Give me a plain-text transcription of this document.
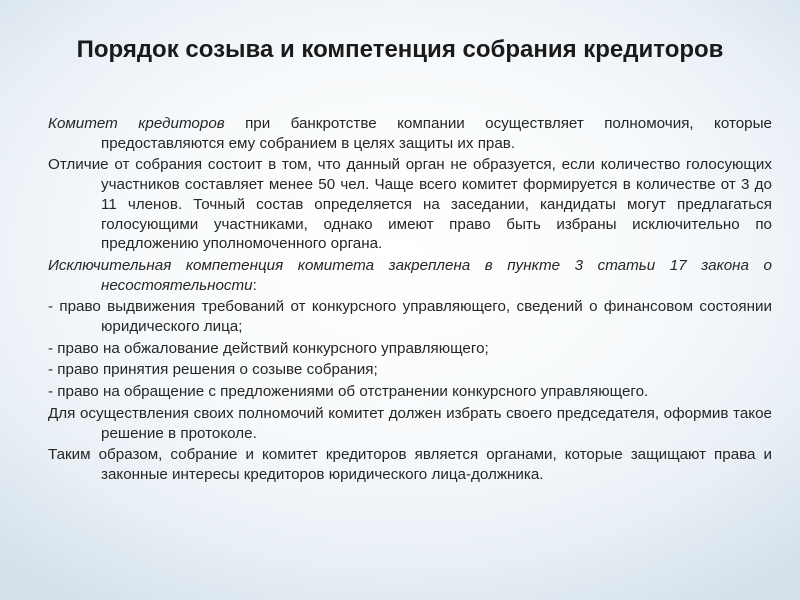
Порядок созыва и компетенция собрания кредиторов

Комитет кредиторов при банкротстве компании осуществляет полномочия, которые предоставляются ему собранием в целях защиты их прав.

Отличие от собрания состоит в том, что данный орган не образуется, если количество голосующих участников составляет менее 50 чел. Чаще всего комитет формируется в количестве от 3 до 11 членов. Точный состав определяется на заседании, кандидаты могут предлагаться голосующими участниками, однако имеют право быть избраны исключительно по предложению уполномоченного органа.

Исключительная компетенция комитета закреплена в пункте 3 статьи 17 закона о несостоятельности:

- право выдвижения требований от конкурсного управляющего, сведений о финансовом состоянии юридического лица;

- право на обжалование действий конкурсного управляющего;

- право принятия решения о созыве собрания;

- право на обращение с предложениями об отстранении конкурсного управляющего.

Для осуществления своих полномочий комитет должен избрать своего председателя, оформив такое решение в протоколе.

Таким образом, собрание и комитет кредиторов является органами, которые защищают права и законные интересы кредиторов юридического лица-должника.
